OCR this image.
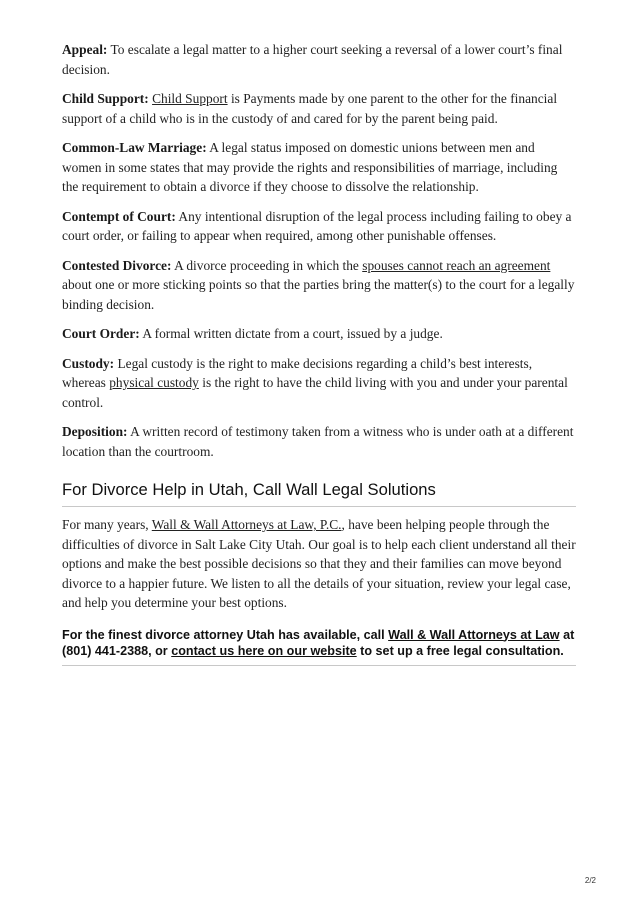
Appeal: To escalate a legal matter to a higher court seeking a reversal of a lower court’s final decision.

Child Support: Child Support is Payments made by one parent to the other for the financial support of a child who is in the custody of and cared for by the parent being paid.

Common-Law Marriage: A legal status imposed on domestic unions between men and women in some states that may provide the rights and responsibilities of marriage, including the requirement to obtain a divorce if they choose to dissolve the relationship.

Contempt of Court: Any intentional disruption of the legal process including failing to obey a court order, or failing to appear when required, among other punishable offenses.

Contested Divorce: A divorce proceeding in which the spouses cannot reach an agreement about one or more sticking points so that the parties bring the matter(s) to the court for a legally binding decision.

Court Order: A formal written dictate from a court, issued by a judge.

Custody: Legal custody is the right to make decisions regarding a child’s best interests, whereas physical custody is the right to have the child living with you and under your parental control.

Deposition: A written record of testimony taken from a witness who is under oath at a different location than the courtroom.

For Divorce Help in Utah, Call Wall Legal Solutions

For many years, Wall & Wall Attorneys at Law, P.C., have been helping people through the difficulties of divorce in Salt Lake City Utah. Our goal is to help each client understand all their options and make the best possible decisions so that they and their families can move beyond divorce to a happier future. We listen to all the details of your situation, review your legal case, and help you determine your best options.

For the finest divorce attorney Utah has available, call Wall & Wall Attorneys at Law at (801) 441-2388, or contact us here on our website to set up a free legal consultation.

2/2
